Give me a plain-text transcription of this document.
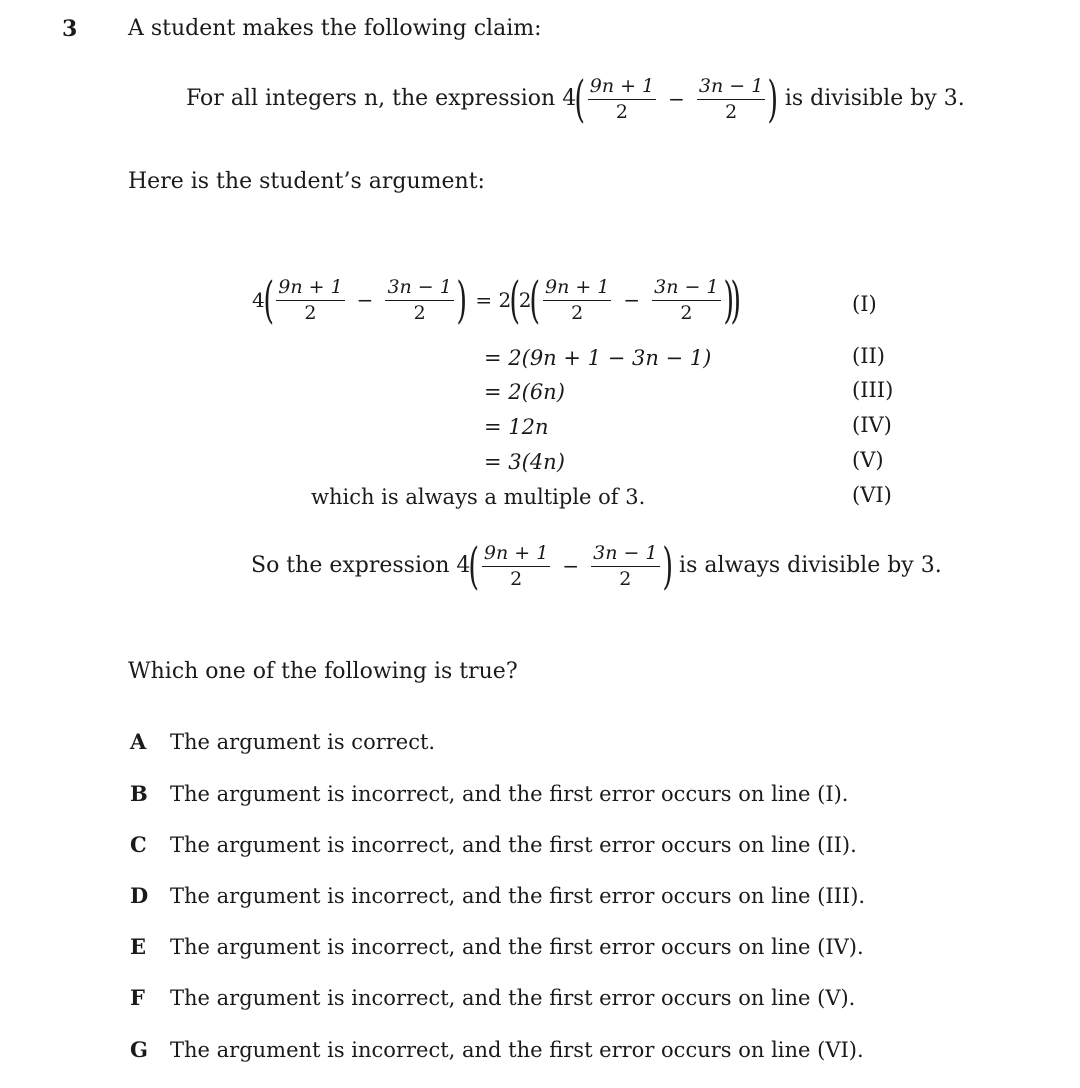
3 A student makes the following claim:
For all integers n, the expression 4
( $\frac{9n + 1}{2} - \frac{3n - 1}{2}$ ) is divisible by 3.
Here is the student’s argument:
4
( $\frac{9n + 1}{2} - \frac{3n - 1}{2}$ ) = 2
(
2
( $\frac{9n + 1}{2} - \frac{3n - 1}{2}$ )
)	(I)
= 2(9n + 1 − 3n − 1)	(II)
= 2(6n)	(III)
= 12n	(IV)
= 3(4n)	(V)
which is always a multiple of 3.	(VI)
So the expression 4
( $\frac{9n + 1}{2} - \frac{3n - 1}{2}$ ) is always divisible by 3.
Which one of the following is true?
A The argument is correct.
B The argument is incorrect, and the first error occurs on line (I).
C The argument is incorrect, and the first error occurs on line (II).
D The argument is incorrect, and the first error occurs on line (III).
E The argument is incorrect, and the first error occurs on line (IV).
F The argument is incorrect, and the first error occurs on line (V).
G The argument is incorrect, and the first error occurs on line (VI).
